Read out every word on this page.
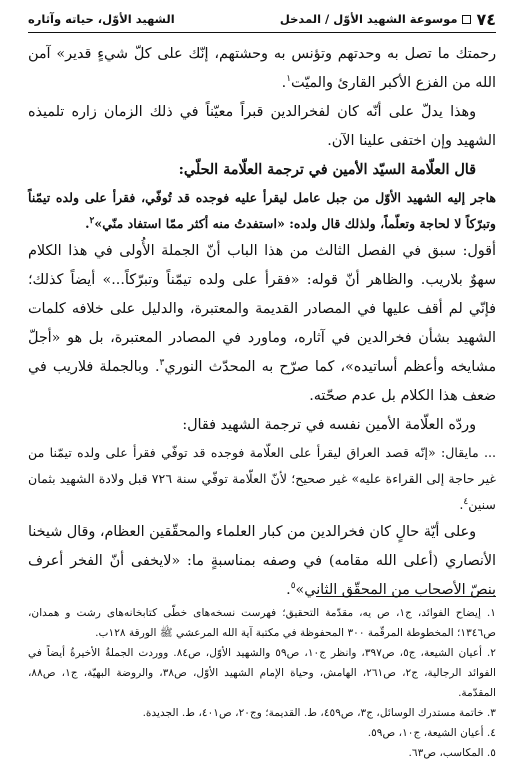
٧٤
موسوعة الشهيد الأوّل / المدخل
الشهيد الأوّل، حياته وآثاره

رحمتك ما تصل به وحدتهم وتؤنس به وحشتهم، إنّك على كلّ شيءٍ قدير» آمن الله من الفزع الأكبر القارئ والميّت$^١$.

وهذا يدلّ على أنّه كان لفخرالدين قبراً معيّناً في ذلك الزمان زاره تلميذه الشهيد وإن اختفى علينا الآن.

قال العلّامة السيّد الأمين في ترجمة العلّامة الحلّي:

هاجر إليه الشهيد الأوّل من جبل عامل ليقرأ عليه فوجده قد تُوفّي، فقرأ على ولده تيمّناً وتبرّكاً لا لحاجة وتعلّماً، ولذلك قال ولده: «استفدتُ منه أكثر ممّا استفاد منّي»$^٢$.

أقول: سبق في الفصل الثالث من هذا الباب أنّ الجملة الأُولى في هذا الكلام سهوٌ بلاريب. والظاهر أنّ قوله: «فقرأ على ولده تيمّناً وتبرّكاً...» أيضاً كذلك؛ فإنّي لم أقف عليها في المصادر القديمة والمعتبرة، والدليل على خلافه كلمات الشهيد بشأن فخرالدين في آثاره، وماورد في المصادر المعتبرة، بل هو «أجلّ مشايخه وأعظم أساتيده»، كما صرّح به المحدّث النوري$^٣$. وبالجملة فلاريب في ضعف هذا الكلام بل عدم صحّته.

وردّه العلّامة الأمين نفسه في ترجمة الشهيد فقال:

... مايقال: «إنّه قصد العراق ليقرأ على العلّامة فوجده قد توفّي فقرأ على ولده تيمّنا من غير حاجة إلى القراءة عليه» غير صحيح؛ لأنّ العلّامة توفّي سنة ٧٢٦ قبل ولادة الشهيد بثمان سنين$^٤$.

وعلى أيّة حالٍ كان فخرالدين من كبار العلماء والمحقّقين العظام، وقال شيخنا الأنصاري (أعلى الله مقامه) في وصفه بمناسبةٍ ما: «لايخفى أنّ الفخر أعرف بنصّ الأصحاب من المحقّق الثاني»$^٥$.

١. إيضاح الفوائد، ج١، ص يه، مقدّمة التحقيق؛ فهرست نسخه‌هاى خطّى كتابخانه‌هاى رشت و همدان، ص١٣٤٦؛ المخطوطة المرقّمة ٣٠٠ المحفوظة في مكتبة آية الله المرعشي‌ ﷺ الورقة ١٢٨ب.

٢. أعيان الشيعة، ج٥، ص٣٩٧، وانظر ج١٠، ص٥٩ والشهيد الأوّل، ص٨٤. ووردت الجملةُ الأخيرةُ أيضاً في الفوائد الرجالية، ج٢، ص٢٦١، الهامش، وحياة الإمام الشهيد الأوّل، ص٣٨، والروضة البهيّة، ج١، ص٨٨، المقدّمة.

٣. خاتمة مستدرك الوسائل، ج٣، ص٤٥٩، ط. القديمة؛ وج٢٠، ص٤٠١، ط. الجديدة.

٤. أعيان الشيعة، ج١٠، ص٥٩.

٥. المكاسب، ص٦٣.
